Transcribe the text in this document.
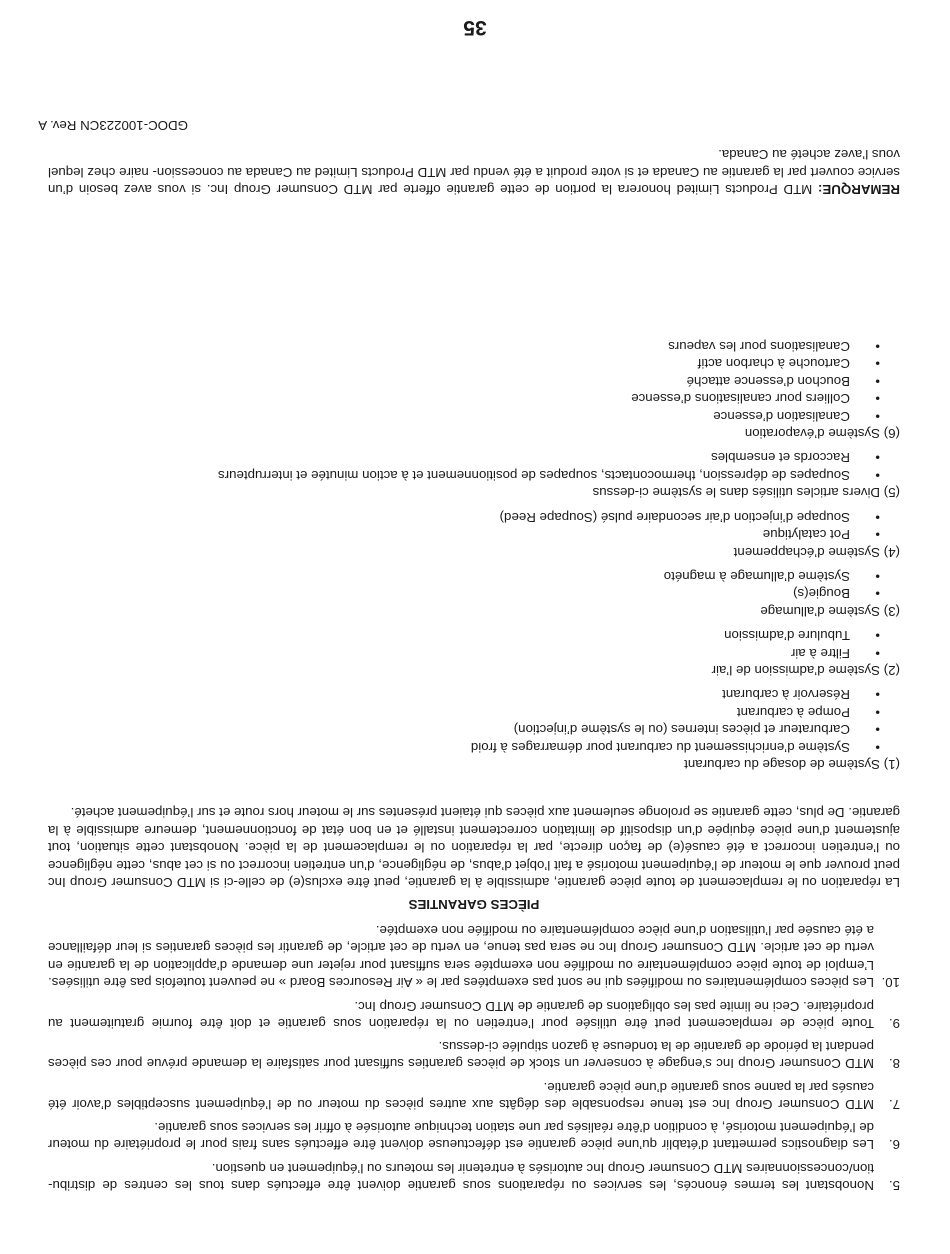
5.
Nonobstant les termes énoncés, les services ou réparations sous garantie doivent être effectués dans tous les centres de distribu- tion/concessionnaires MTD Consumer Group Inc autorisés à entretenir les moteurs ou l’équipement en question.
6.
Les diagnostics permettant d’établir qu’une pièce garantie est défectueuse doivent être effectués sans frais pour le propriétaire du moteur de l’équipement motorisé, à condition d’être réalisés par une station technique autorisée à offrir les services sous garantie.
7.
MTD Consumer Group Inc est tenue responsable des dégâts aux autres pièces du moteur ou de l’équipement susceptibles d’avoir été causés par la panne sous garantie d’une pièce garantie.
8.
MTD Consumer Group Inc s’engage à conserver un stock de pièces garanties suffisant pour satisfaire la demande prévue pour ces pièces pendant la période de garantie de la tondeuse à gazon stipulée ci-dessus.
9.
Toute pièce de remplacement peut être utilisée pour l’entretien ou la réparation sous garantie et doit être fournie gratuitement au propriétaire. Ceci ne limite pas les obligations de garantie de MTD Consumer Group Inc.
10.
Les pièces complémentaires ou modifiées qui ne sont pas exemptées par le « Air Resources Board » ne peuvent toutefois pas être utilisées. L’emploi de toute pièce complémentaire ou modifiée non exemptée sera suffisant pour rejeter une demande d’application de la garantie en vertu de cet article. MTD Consumer Group Inc ne sera pas tenue, en vertu de cet article, de garantir les pièces garanties si leur défaillance a été causée par l’utilisation d’une pièce complémentaire ou modifiée non exemptée.
PIÈCES GARANTIES
La réparation ou le remplacement de toute pièce garantie, admissible à la garantie, peut être exclus(e) de celle-ci si MTD Consumer Group Inc peut prouver que le moteur de l’équipement motorisé a fait l’objet d’abus, de négligence, d’un entretien incorrect ou si cet abus, cette négligence ou l’entretien incorrect a été causé(e) de façon directe, par la réparation ou le remplacement de la pièce. Nonobstant cette situation, tout ajustement d’une pièce équipée d’un dispositif de limitation correctement installé et en bon état de fonctionnement, demeure admissible à la garantie. De plus, cette garantie se prolonge seulement aux pièces qui étaient présentes sur le moteur hors route et sur l’équipement acheté.
(1) Système de dosage du carburant
•
Système d’enrichissement du carburant pour démarrages à froid
•
Carburateur et pièces internes (ou le système d’injection)
•
Pompe à carburant
•
Réservoir à carburant
(2) Système d’admission de l’air
•
Filtre à air
•
Tubulure d’admission
(3) Système d’allumage
•
Bougie(s)
•
Système d’allumage à magnéto
(4) Système d’échappement
•
Pot catalytique
•
Soupape d’injection d’air secondaire pulsé (Soupape Reed)
(5) Divers articles utilisés dans le système ci-dessus
•
Soupapes de dépression, thermocontacts, soupapes de positionnement et à action minutée et interrupteurs
•
Raccords et ensembles
(6) Système d’évaporation
•
Canalisation d’essence
•
Colliers pour canalisations d’essence
•
Bouchon d’essence attaché
•
Cartouche à charbon actif
•
Canalisations pour les vapeurs
REMARQUE: MTD Products Limited honorera la portion de cette garantie offerte par MTD Consumer Group Inc. si vous avez besoin d’un service couvert par la garantie au Canada et si votre produit a été vendu par MTD Products Limited au Canada au concession- naire chez lequel vous l’avez acheté au Canada.
GDOC-100223CN Rev. A
35
